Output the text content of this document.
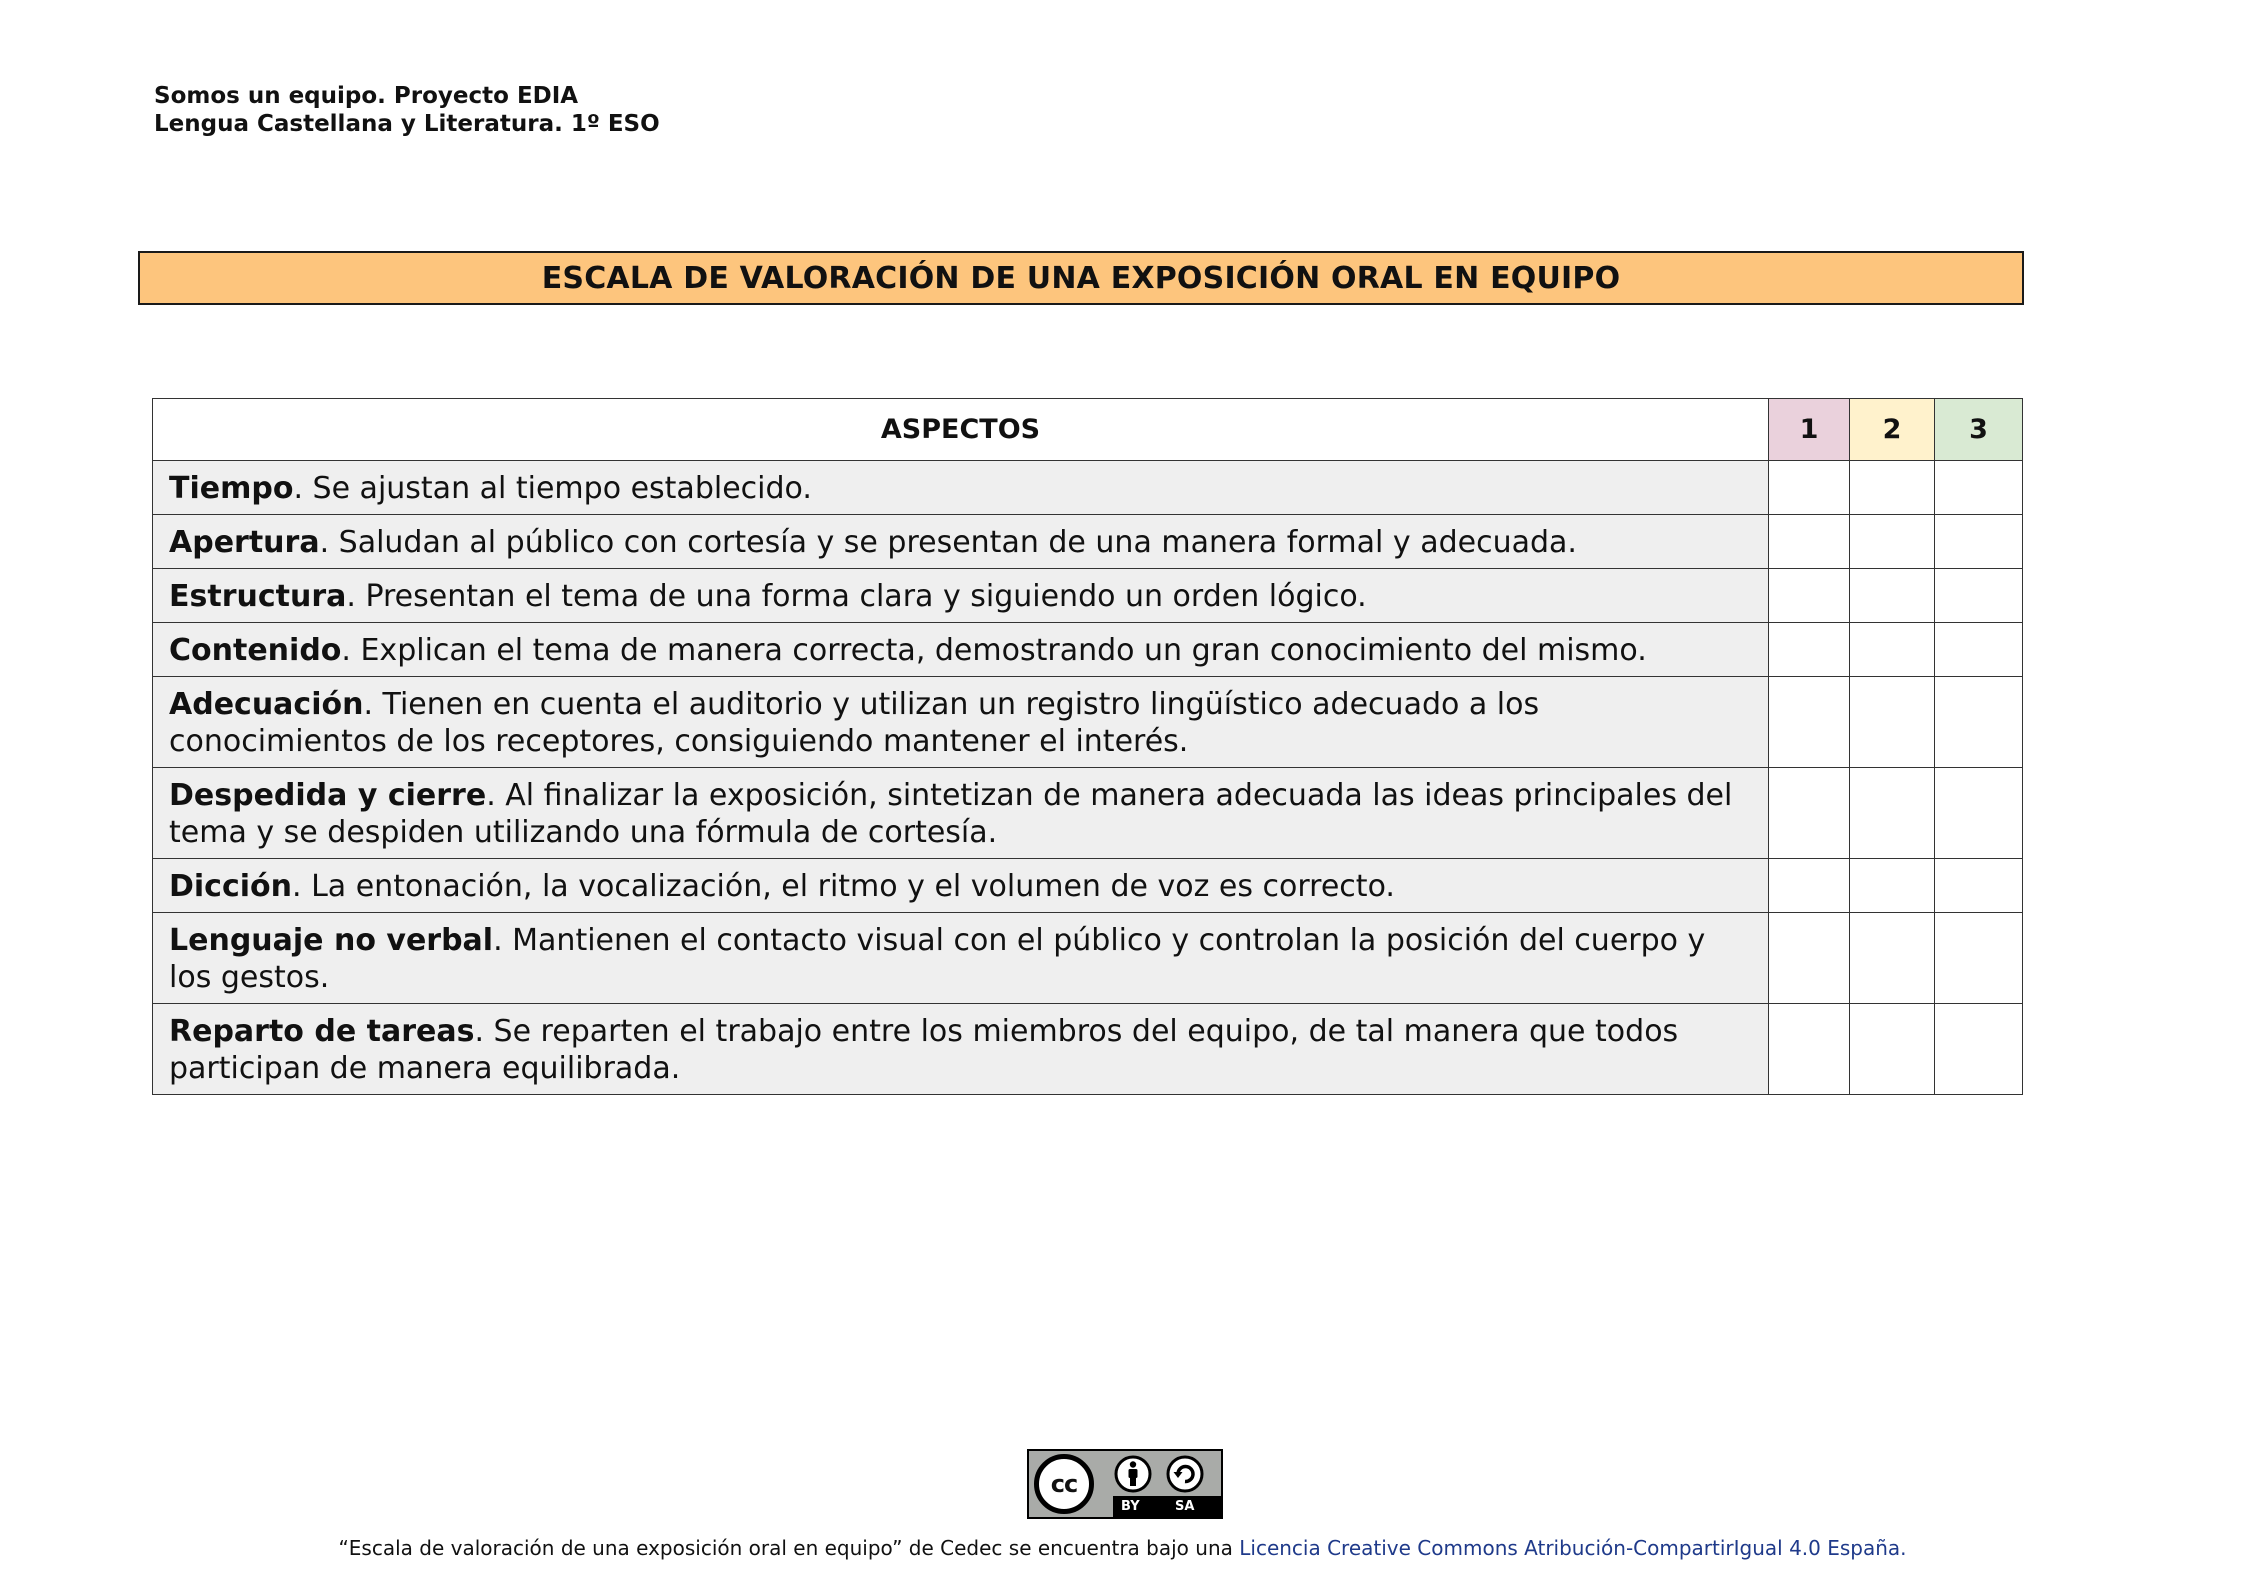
Somos un equipo. Proyecto EDIA
Lengua Castellana y Literatura. 1º ESO
ESCALA DE VALORACIÓN DE UNA EXPOSICIÓN ORAL EN EQUIPO
ASPECTOS	1	2	3
Tiempo. Se ajustan al tiempo establecido.			
Apertura. Saludan al público con cortesía y se presentan de una manera formal y adecuada.			
Estructura. Presentan el tema de una forma clara y siguiendo un orden lógico.			
Contenido. Explican el tema de manera correcta, demostrando un gran conocimiento del mismo.			
Adecuación. Tienen en cuenta el auditorio y utilizan un registro lingüístico adecuado a los conocimientos de los receptores, consiguiendo mantener el interés.			
Despedida y cierre. Al finalizar la exposición, sintetizan de manera adecuada las ideas principales del tema y se despiden utilizando una fórmula de cortesía.			
Dicción. La entonación, la vocalización, el ritmo y el volumen de voz es correcto.			
Lenguaje no verbal. Mantienen el contacto visual con el público y controlan la posición del cuerpo y los gestos.			
Reparto de tareas. Se reparten el trabajo entre los miembros del equipo, de tal manera que todos participan de manera equilibrada.			
BY	SA
cc
“Escala de valoración de una exposición oral en equipo” de Cedec se encuentra bajo una Licencia Creative Commons Atribución-CompartirIgual 4.0 España.
